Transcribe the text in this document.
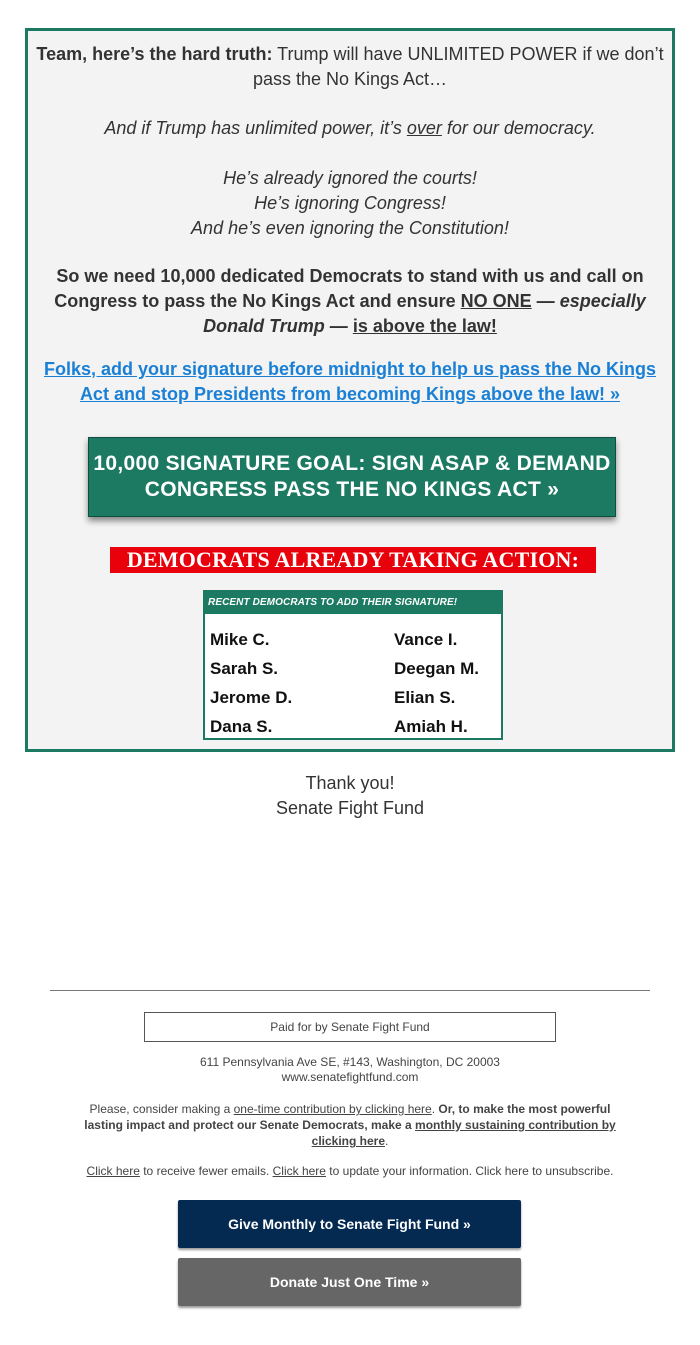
Team, here’s the hard truth: Trump will have UNLIMITED POWER if we don’t pass the No Kings Act…
And if Trump has unlimited power, it’s over for our democracy.
He’s already ignored the courts!
He’s ignoring Congress!
And he’s even ignoring the Constitution!
So we need 10,000 dedicated Democrats to stand with us and call on Congress to pass the No Kings Act and ensure NO ONE — especially Donald Trump — is above the law!
Folks, add your signature before midnight to help us pass the No Kings Act and stop Presidents from becoming Kings above the law! »
10,000 SIGNATURE GOAL: SIGN ASAP & DEMAND
CONGRESS PASS THE NO KINGS ACT »
DEMOCRATS ALREADY TAKING ACTION:
RECENT DEMOCRATS TO ADD THEIR SIGNATURE!
Mike C.
Sarah S.
Jerome D.
Dana S.
Vance I.
Deegan M.
Elian S.
Amiah H.
Thank you!
Senate Fight Fund
Paid for by Senate Fight Fund
611 Pennsylvania Ave SE, #143, Washington, DC 20003
www.senatefightfund.com
Please, consider making a one-time contribution by clicking here. Or, to make the most powerful lasting impact and protect our Senate Democrats, make a monthly sustaining contribution by clicking here.
Click here to receive fewer emails. Click here to update your information. Click here to unsubscribe.
Give Monthly to Senate Fight Fund »
Donate Just One Time »
